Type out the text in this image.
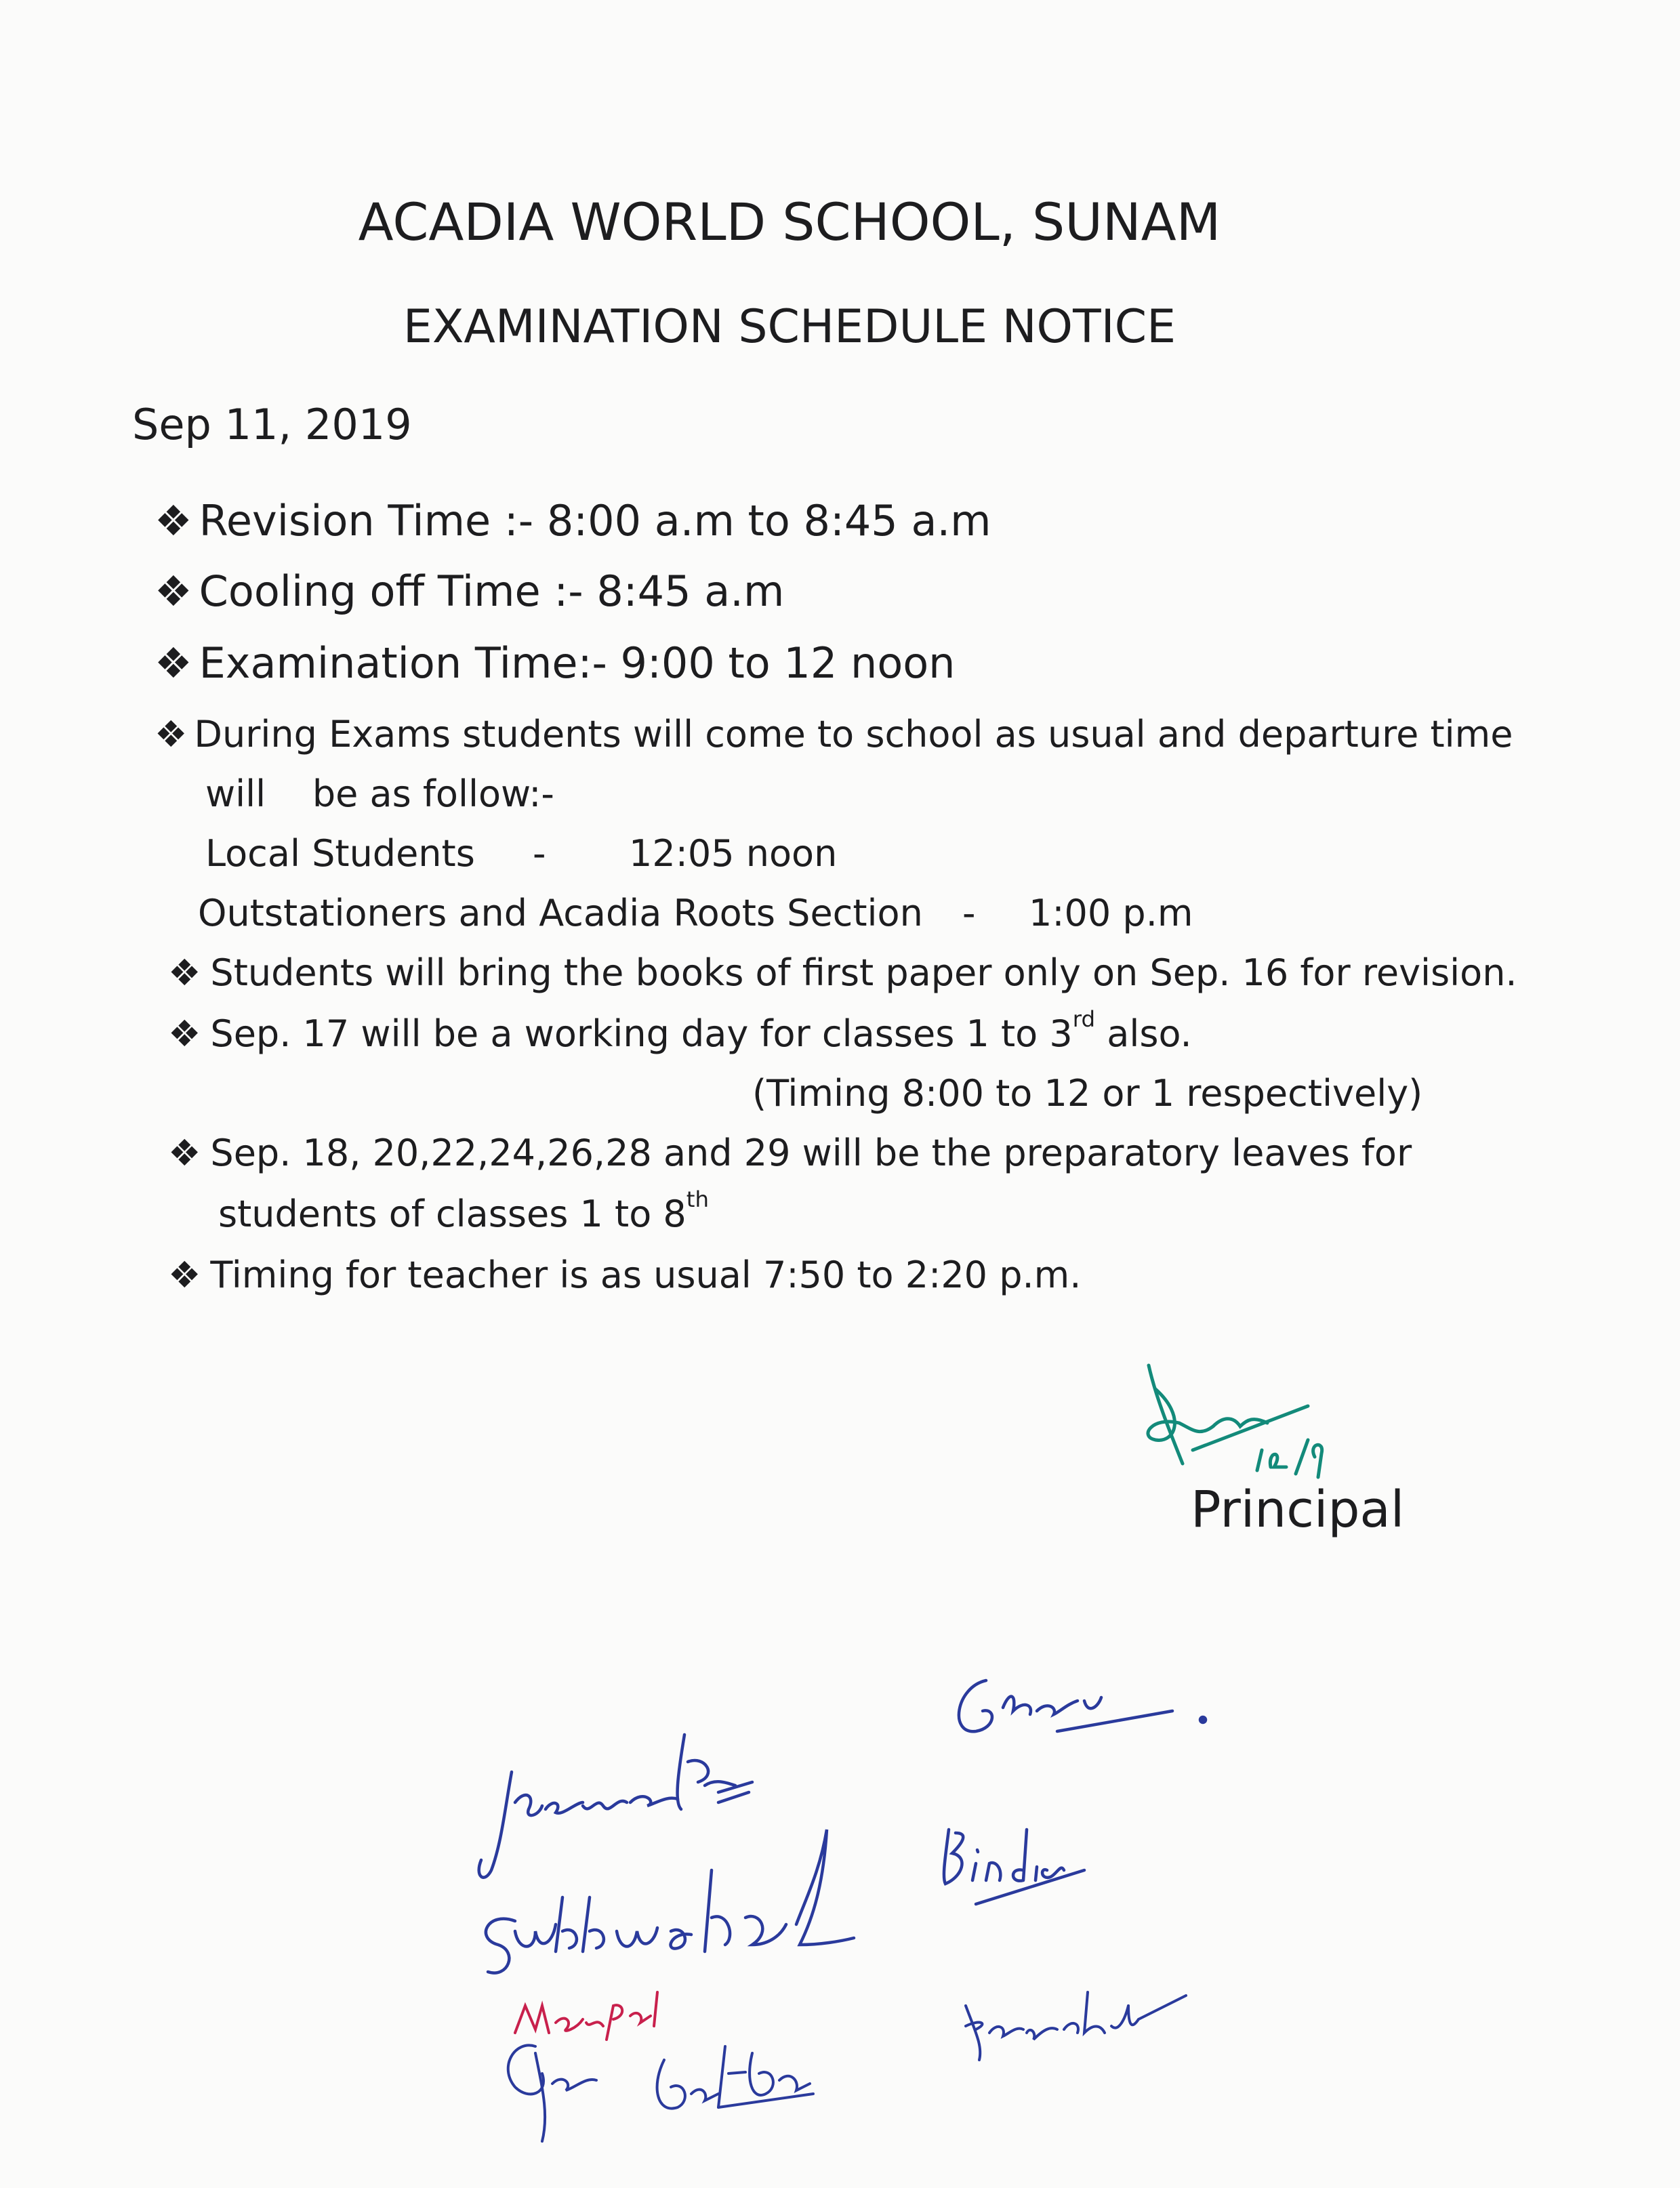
ACADIA WORLD SCHOOL, SUNAM
EXAMINATION SCHEDULE NOTICE
Sep 11, 2019
❖ Revision Time :- 8:00 a.m to 8:45 a.m
❖ Cooling off Time :- 8:45 a.m
❖ Examination Time:- 9:00 to 12 noon
❖ During Exams students will come to school as usual and departure time
will    be as follow:-
Local Students - 12:05 noon
Outstationers and Acadia Roots Section - 1:00 p.m
❖ Students will bring the books of first paper only on Sep. 16 for revision.
❖ Sep. 17 will be a working day for classes 1 to 3rd also.
(Timing 8:00 to 12 or 1 respectively)
❖ Sep. 18, 20,22,24,26,28 and 29 will be the preparatory leaves for
students of classes 1 to 8th
❖ Timing for teacher is as usual 7:50 to 2:20 p.m.
Principal
